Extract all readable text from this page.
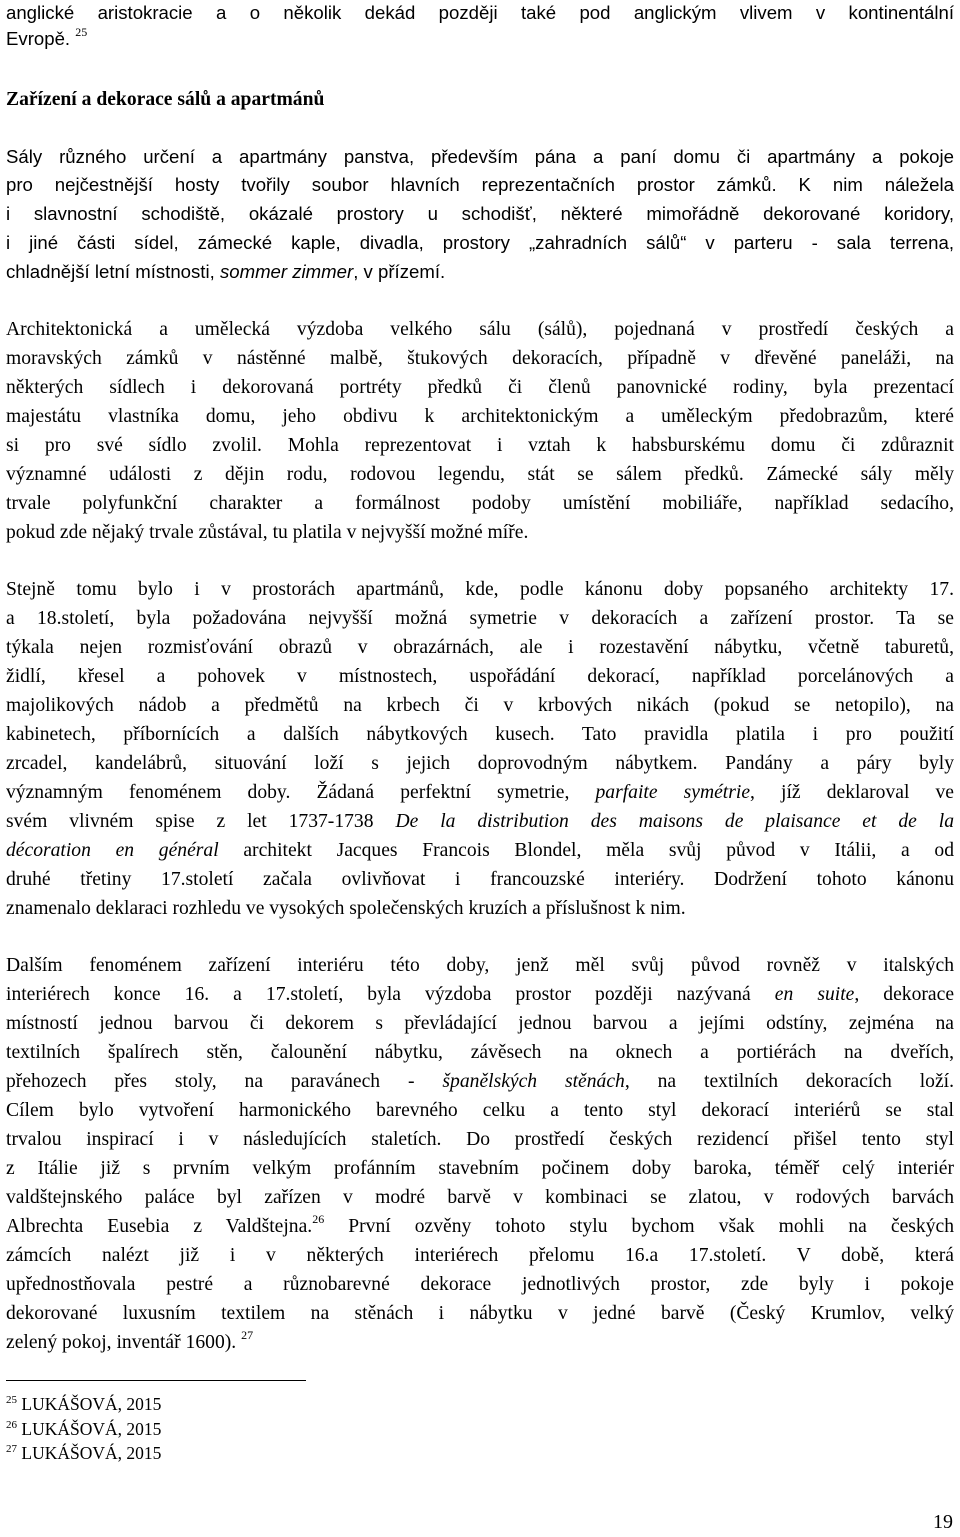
anglické aristokracie a o několik dekád později také pod anglickým vlivem v kontinentální
Evropě. $^{25}$
Zařízení a dekorace sálů a apartmánů
Sály různého určení a apartmány panstva, především pána a paní domu či apartmány a pokoje
pro nejčestnější hosty tvořily soubor hlavních reprezentačních prostor zámků. K nim náležela
i slavnostní schodiště, okázalé prostory u schodišť, některé mimořádně dekorované koridory,
i jiné části sídel, zámecké kaple, divadla, prostory „zahradních sálů“ v parteru - sala terrena,
chladnější letní místnosti, sommer zimmer, v přízemí.
Architektonická a umělecká výzdoba velkého sálu (sálů), pojednaná v prostředí českých a
moravských zámků v nástěnné malbě, štukových dekoracích, případně v dřevěné paneláži, na
některých sídlech i dekorovaná portréty předků či členů panovnické rodiny, byla prezentací
majestátu vlastníka domu, jeho obdivu k architektonickým a uměleckým předobrazům, které
si pro své sídlo zvolil. Mohla reprezentovat i vztah k habsburskému domu či zdůraznit
významné události z dějin rodu, rodovou legendu, stát se sálem předků. Zámecké sály měly
trvale polyfunkční charakter a formálnost podoby umístění mobiliáře, například sedacího,
pokud zde nějaký trvale zůstával, tu platila v nejvyšší možné míře.
Stejně tomu bylo i v prostorách apartmánů, kde, podle kánonu doby popsaného architekty 17.
a 18.století, byla požadována nejvyšší možná symetrie v dekoracích a zařízení prostor. Ta se
týkala nejen rozmisťování obrazů v obrazárnách, ale i rozestavění nábytku, včetně taburetů,
židlí, křesel a pohovek v místnostech, uspořádání dekorací, například porcelánových a
majolikových nádob a předmětů na krbech či v krbových nikách (pokud se netopilo), na
kabinetech, příbornících a dalších nábytkových kusech. Tato pravidla platila i pro použití
zrcadel, kandelábrů, situování loží s jejich doprovodným nábytkem. Pandány a páry byly
významným fenoménem doby. Žádaná perfektní symetrie, parfaite symétrie, jíž deklaroval ve
svém vlivném spise z let 1737-1738 De la distribution des maisons de plaisance et de la
décoration en général architekt Jacques Francois Blondel, měla svůj původ v Itálii, a od
druhé třetiny 17.století začala ovlivňovat i francouzské interiéry. Dodržení tohoto kánonu
znamenalo deklaraci rozhledu ve vysokých společenských kruzích a příslušnost k nim.
Dalším fenoménem zařízení interiéru této doby, jenž měl svůj původ rovněž v italských
interiérech konce 16. a 17.století, byla výzdoba prostor později nazývaná en suite, dekorace
místností jednou barvou či dekorem s převládající jednou barvou a jejími odstíny, zejména na
textilních špalírech stěn, čalounění nábytku, závěsech na oknech a portiérách na dveřích,
přehozech přes stoly, na paravánech - španělských stěnách, na textilních dekoracích loží.
Cílem bylo vytvoření harmonického barevného celku a tento styl dekorací interiérů se stal
trvalou inspirací i v následujících staletích. Do prostředí českých rezidencí přišel tento styl
z Itálie již s prvním velkým profánním stavebním počinem doby baroka, téměř celý interiér
valdštejnského paláce byl zařízen v modré barvě v kombinaci se zlatou, v rodových barvách
Albrechta Eusebia z Valdštejna.$^{26}$ První ozvěny tohoto stylu bychom však mohli na českých
zámcích nalézt již i v některých interiérech přelomu 16.a 17.století. V době, která
upřednostňovala pestré a různobarevné dekorace jednotlivých prostor, zde byly i pokoje
dekorované luxusním textilem na stěnách i nábytku v jedné barvě (Český Krumlov, velký
zelený pokoj, inventář 1600). $^{27}$
$^{25}$ LUKÁŠOVÁ, 2015
$^{26}$ LUKÁŠOVÁ, 2015
$^{27}$ LUKÁŠOVÁ, 2015
19
